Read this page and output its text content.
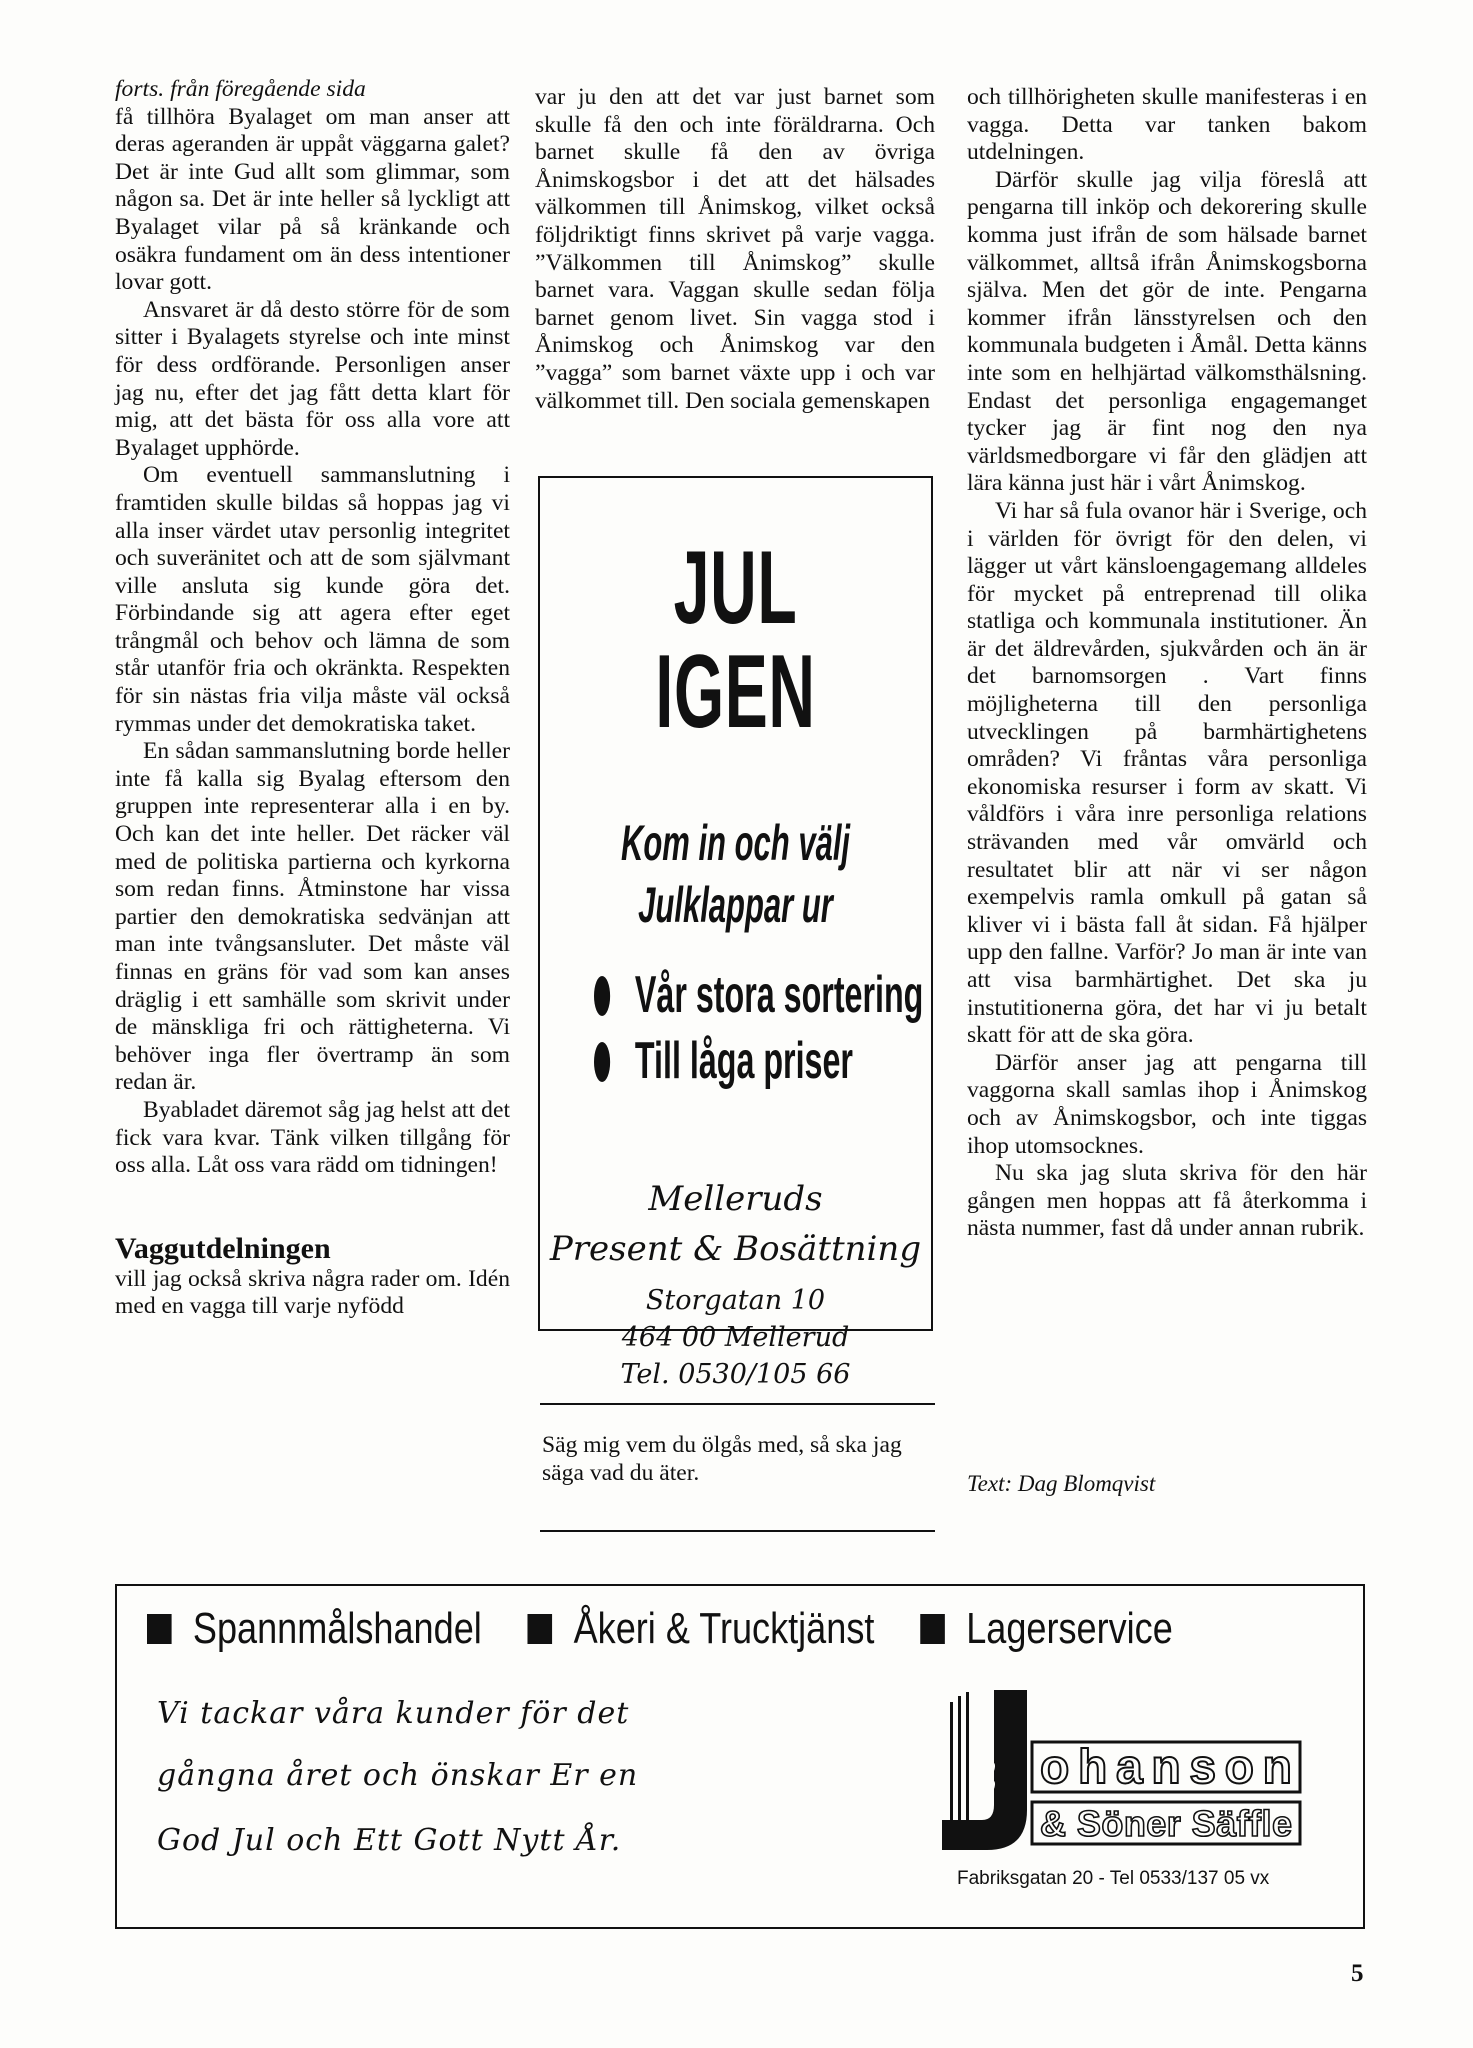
forts. från föregående sida

få tillhöra Byalaget om man anser att deras ageranden är uppåt väggarna galet? Det är inte Gud allt som glimmar, som någon sa. Det är inte heller så lyckligt att Byalaget vilar på så kränkande och osäkra fundament om än dess intentioner lovar gott.

Ansvaret är då desto större för de som sitter i Byalagets styrelse och inte minst för dess ordförande. Personligen anser jag nu, efter det jag fått detta klart för mig, att det bästa för oss alla vore att Byalaget upphörde.

Om eventuell sammanslutning i framtiden skulle bildas så hoppas jag vi alla inser värdet utav personlig integritet och suveränitet och att de som självmant ville ansluta sig kunde göra det. Förbindande sig att agera efter eget trångmål och behov och lämna de som står utanför fria och okränkta. Respekten för sin nästas fria vilja måste väl också rymmas under det demokratiska taket.

En sådan sammanslutning borde heller inte få kalla sig Byalag eftersom den gruppen inte representerar alla i en by. Och kan det inte heller. Det räcker väl med de politiska partierna och kyrkorna som redan finns. Åtminstone har vissa partier den demokratiska sedvänjan att man inte tvångsansluter. Det måste väl finnas en gräns för vad som kan anses dräglig i ett samhälle som skrivit under de mänskliga fri och rättigheterna. Vi behöver inga fler övertramp än som redan är.

Byabladet däremot såg jag helst att det fick vara kvar. Tänk vilken tillgång för oss alla. Låt oss vara rädd om tidningen!

Vaggutdelningen

vill jag också skriva några rader om. Idén med en vagga till varje nyfödd

var ju den att det var just barnet som skulle få den och inte föräldrarna. Och barnet skulle få den av övriga Ånimskogsbor i det att det hälsades välkommen till Ånimskog, vilket också följdriktigt finns skrivet på varje vagga. ”Välkommen till Ånimskog” skulle barnet vara. Vaggan skulle sedan följa barnet genom livet. Sin vagga stod i Ånimskog och Ånimskog var den ”vagga” som barnet växte upp i och var välkommet till. Den sociala gemenskapen

JUL IGEN
Kom in och välj
Julklappar ur
Vår stora sortering
Till låga priser
Melleruds
Present & Bosättning
Storgatan 10
464 00 Mellerud
Tel. 0530/105 66
Säg mig vem du ölgås med, så ska jag säga vad du äter.

och tillhörigheten skulle manifesteras i en vagga. Detta var tanken bakom utdelningen.

Därför skulle jag vilja föreslå att pengarna till inköp och dekorering skulle komma just ifrån de som hälsade barnet välkommet, alltså ifrån Ånimskogsborna själva. Men det gör de inte. Pengarna kommer ifrån länsstyrelsen och den kommunala budgeten i Åmål. Detta känns inte som en helhjärtad välkomsthälsning. Endast det personliga engagemanget tycker jag är fint nog den nya världsmedborgare vi får den glädjen att lära känna just här i vårt Ånimskog.

Vi har så fula ovanor här i Sverige, och i världen för övrigt för den delen, vi lägger ut vårt känsloengagemang alldeles för mycket på entreprenad till olika statliga och kommunala institutioner. Än är det äldrevården, sjukvården och än är det barnomsorgen . Vart finns möjligheterna till den personliga utvecklingen på barmhärtighetens områden? Vi fråntas våra personliga ekonomiska resurser i form av skatt. Vi våldförs i våra inre personliga relations strävanden med vår omvärld och resultatet blir att när vi ser någon exempelvis ramla omkull på gatan så kliver vi i bästa fall åt sidan. Få hjälper upp den fallne. Varför? Jo man är inte van att visa barmhärtighet. Det ska ju instutitionerna göra, det har vi ju betalt skatt för att de ska göra.

Därför anser jag att pengarna till vaggorna skall samlas ihop i Ånimskog och av Ånimskogsbor, och inte tiggas ihop utomsocknes.

Nu ska jag sluta skriva för den här gången men hoppas att få återkomma i nästa nummer, fast då under annan rubrik.

Text: Dag Blomqvist
Spannmålshandel Åkeri & Trucktjänst Lagerservice
Vi tackar våra kunder för det
gångna året och önskar Er en
God Jul och Ett Gott Nytt År.
ohanson
& Söner Säffle
Fabriksgatan 20 - Tel 0533/137 05 vx
5
